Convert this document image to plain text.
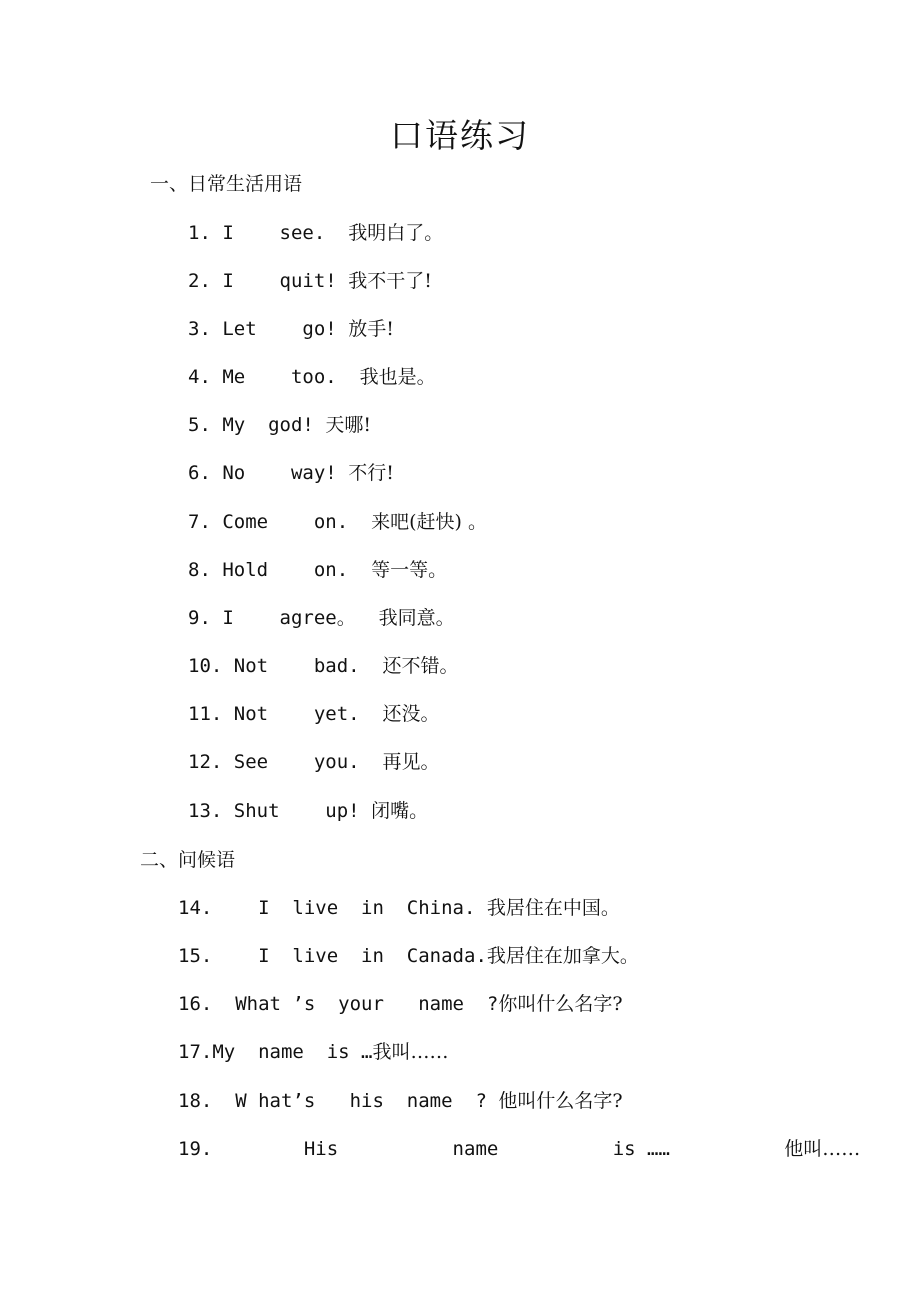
口语练习
一、日常生活用语
1. I    see. 我明白了。
2. I    quit! 我不干了!
3. Let    go! 放手!
4. Me    too. 我也是。
5. My  god! 天哪!
6. No    way! 不行!
7. Come    on. 来吧(赶快) 。
8. Hold    on. 等一等。
9. I    agree。 我同意。
10. Not    bad. 还不错。
11. Not    yet. 还没。
12. See    you. 再见。
13. Shut    up! 闭嘴。
二、问候语
14.    I  live  in  China. 我居住在中国。
15.    I  live  in  Canada.我居住在加拿大。
16.  What ’s  your   name  ?你叫什么名字?
17.My  name  is …我叫……
18.  W hat’s   his  name  ? 他叫什么名字?
19.        His          name          is ……	他叫……
